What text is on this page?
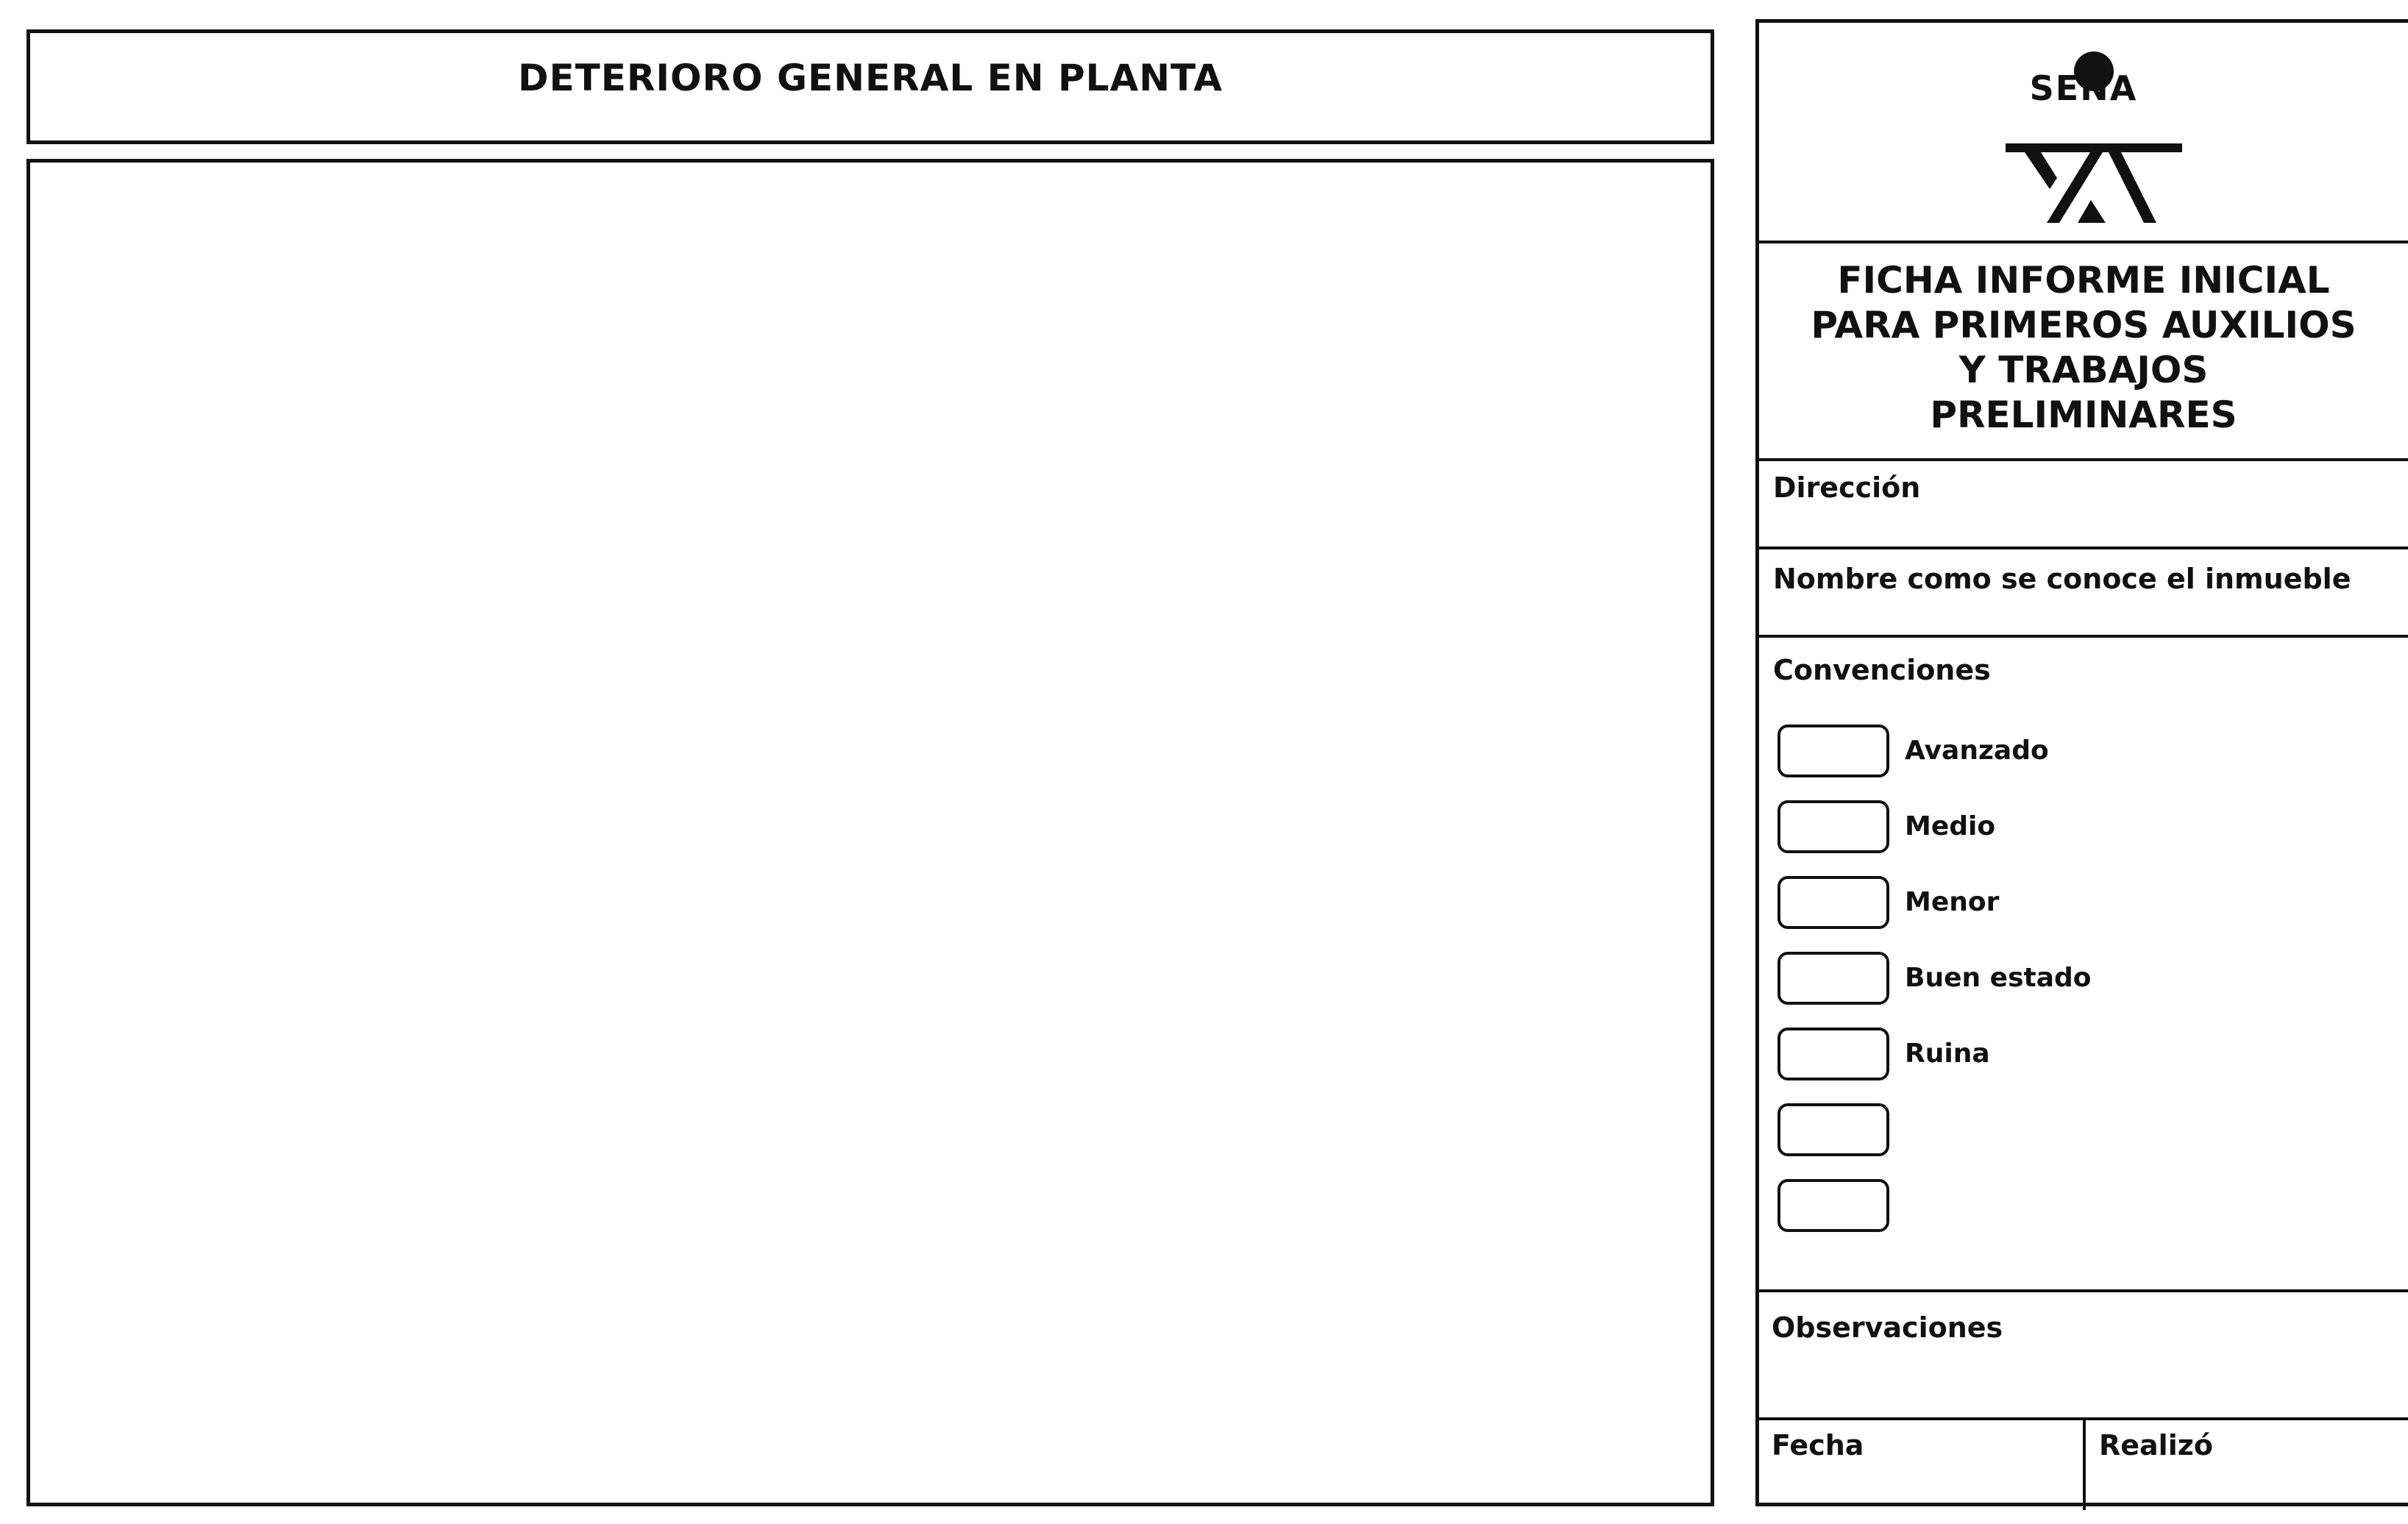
DETERIORO GENERAL EN PLANTA	SENA
FICHA INFORME INICIAL
PARA PRIMEROS AUXILIOS
Y TRABAJOS
PRELIMINARES
Dirección
Nombre como se conoce el inmueble
Convenciones
Avanzado
Medio
Menor
Buen estado
Ruina
Observaciones
Fecha	Realizó
